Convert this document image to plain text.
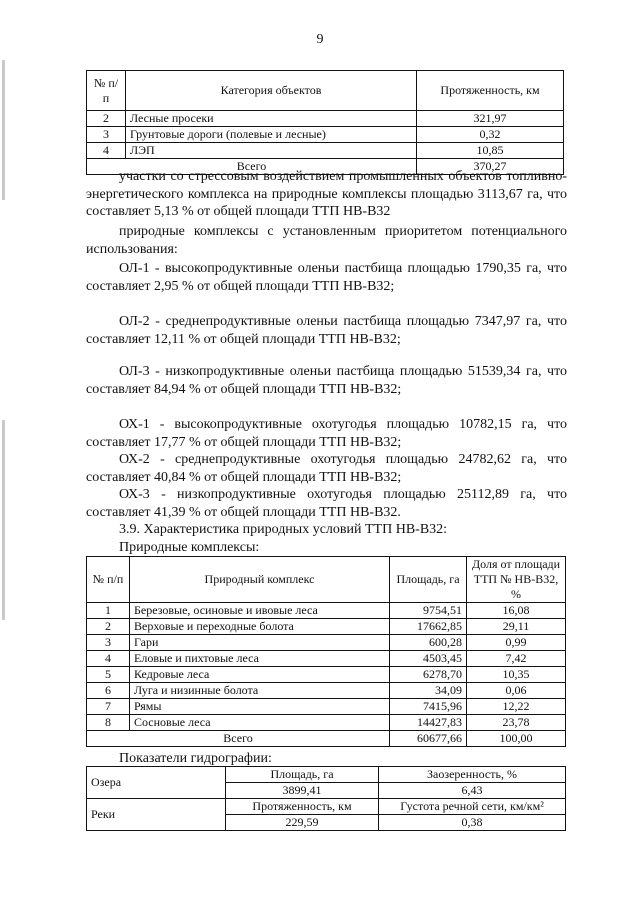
9
№ п/п	Категория объектов	Протяженность, км
2	Лесные просеки	321,97
3	Грунтовые дороги (полевые и лесные)	0,32
4	ЛЭП	10,85
Всего		370,27
участки со стрессовым воздействием промышленных объектов топливно-энергетического комплекса на природные комплексы площадью 3113,67 га, что составляет 5,13 % от общей площади ТТП НВ-В32
природные комплексы с установленным приоритетом потенциального использования:
ОЛ-1 - высокопродуктивные оленьи пастбища площадью 1790,35 га, что составляет 2,95 % от общей площади ТТП НВ-В32;
ОЛ-2 - среднепродуктивные оленьи пастбища площадью 7347,97 га, что составляет 12,11 % от общей площади ТТП НВ-В32;
ОЛ-3 - низкопродуктивные оленьи пастбища площадью 51539,34 га, что составляет 84,94 % от общей площади ТТП НВ-В32;
ОХ-1 - высокопродуктивные охотугодья площадью 10782,15 га, что составляет 17,77 % от общей площади ТТП НВ-В32;
ОХ-2 - среднепродуктивные охотугодья площадью 24782,62 га, что составляет 40,84 % от общей площади ТТП НВ-В32;
ОХ-3 - низкопродуктивные охотугодья площадью 25112,89 га, что составляет 41,39 % от общей площади ТТП НВ-В32.
3.9. Характеристика природных условий ТТП НВ-В32:
Природные комплексы:
№ п/п	Природный комплекс	Площадь, га	Доля от площади ТТП № НВ-В32, %
1	Березовые, осиновые и ивовые леса	9754,51	16,08
2	Верховые и переходные болота	17662,85	29,11
3	Гари	600,28	0,99
4	Еловые и пихтовые леса	4503,45	7,42
5	Кедровые леса	6278,70	10,35
6	Луга и низинные болота	34,09	0,06
7	Рямы	7415,96	12,22
8	Сосновые леса	14427,83	23,78
Всего		60677,66	100,00
Показатели гидрографии:
Озера	Площадь, га	Заозеренность, %
	3899,41	6,43
Реки	Протяженность, км	Густота речной сети, км/км²
	229,59	0,38
